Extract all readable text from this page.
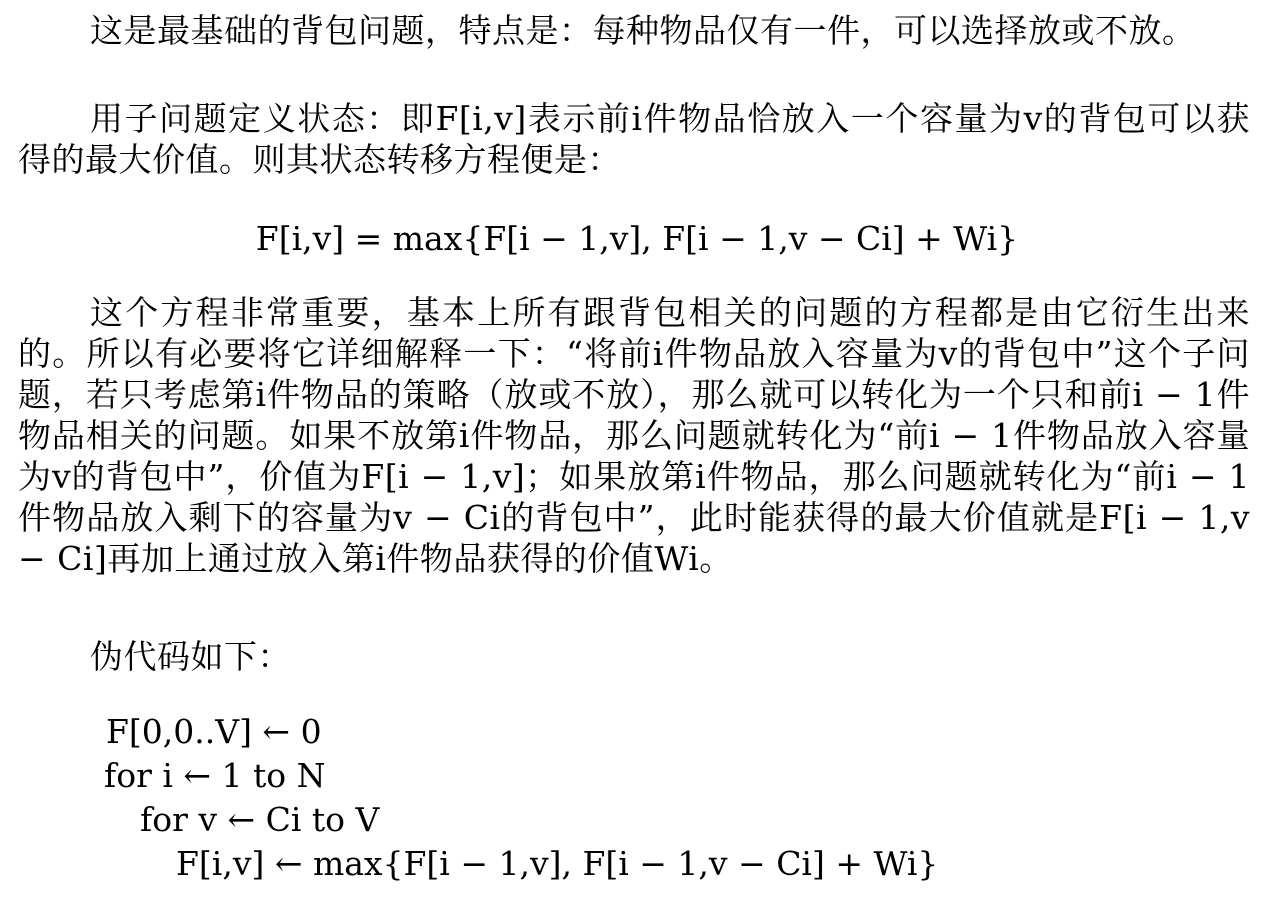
这是最基础的背包问题，特点是：每种物品仅有一件，可以选择放或不放。

用子问题定义状态：即F[i,v]表示前i件物品恰放入一个容量为v的背包可以获得的最大价值。则其状态转移方程便是：

F[i,v] = max{F[i − 1,v], F[i − 1,v − Ci] + Wi}

这个方程非常重要，基本上所有跟背包相关的问题的方程都是由它衍生出来的。所以有必要将它详细解释一下：“将前i件物品放入容量为v的背包中”这个子问题，若只考虑第i件物品的策略（放或不放），那么就可以转化为一个只和前i − 1件物品相关的问题。如果不放第i件物品，那么问题就转化为“前i − 1件物品放入容量为v的背包中”，价值为F[i − 1,v]；如果放第i件物品，那么问题就转化为“前i − 1件物品放入剩下的容量为v − Ci的背包中”，此时能获得的最大价值就是F[i − 1,v − Ci]再加上通过放入第i件物品获得的价值Wi。

伪代码如下：

F[0,0..V] ← 0
for i ← 1 to N
for v ← Ci to V
F[i,v] ← max{F[i − 1,v], F[i − 1,v − Ci] + Wi}
